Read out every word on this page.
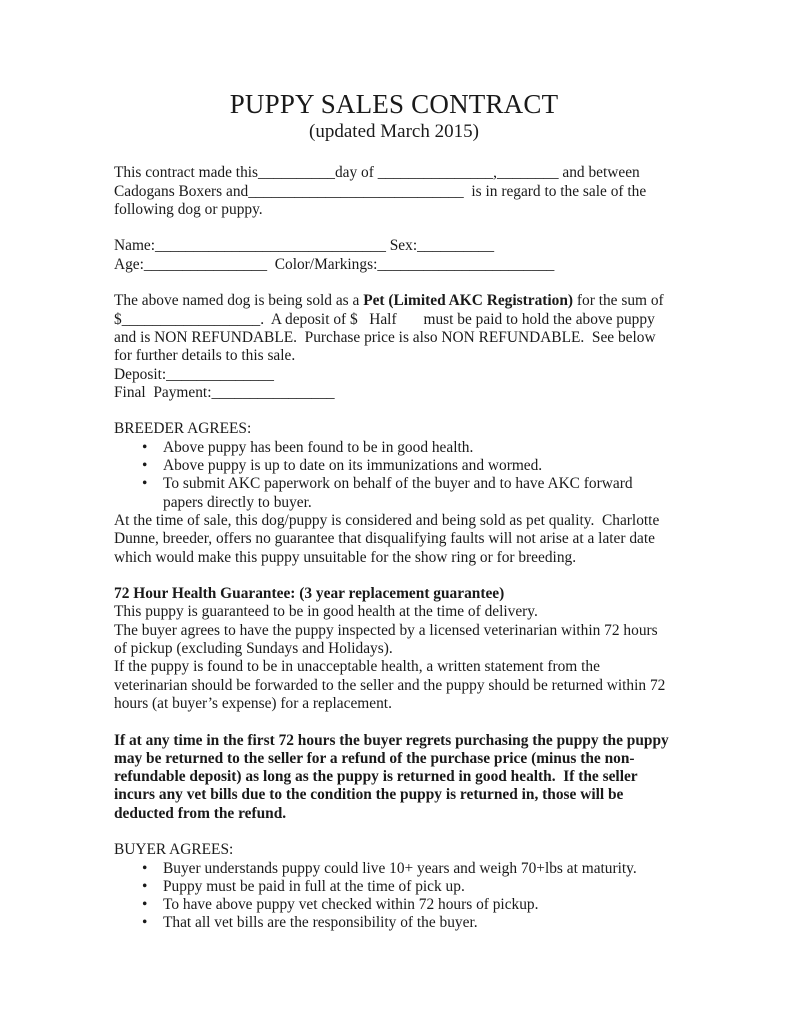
PUPPY SALES CONTRACT
(updated March 2015)
This contract made this__________day of _______________,________ and between
Cadogans Boxers and____________________________  is in regard to the sale of the
following dog or puppy.
Name:______________________________ Sex:__________
Age:________________  Color/Markings:_______________________
The above named dog is being sold as a Pet (Limited AKC Registration) for the sum of
$__________________.  A deposit of $   Half       must be paid to hold the above puppy
and is NON REFUNDABLE.  Purchase price is also NON REFUNDABLE.  See below
for further details to this sale.
Deposit:______________
Final  Payment:________________
BREEDER AGREES:
• Above puppy has been found to be in good health.
• Above puppy is up to date on its immunizations and wormed.
• To submit AKC paperwork on behalf of the buyer and to have AKC forward papers directly to buyer.
At the time of sale, this dog/puppy is considered and being sold as pet quality.  Charlotte Dunne, breeder, offers no guarantee that disqualifying faults will not arise at a later date which would make this puppy unsuitable for the show ring or for breeding.
72 Hour Health Guarantee: (3 year replacement guarantee)
This puppy is guaranteed to be in good health at the time of delivery.
The buyer agrees to have the puppy inspected by a licensed veterinarian within 72 hours of pickup (excluding Sundays and Holidays).
If the puppy is found to be in unacceptable health, a written statement from the veterinarian should be forwarded to the seller and the puppy should be returned within 72 hours (at buyer’s expense) for a replacement.
If at any time in the first 72 hours the buyer regrets purchasing the puppy the puppy may be returned to the seller for a refund of the purchase price (minus the non-refundable deposit) as long as the puppy is returned in good health.  If the seller incurs any vet bills due to the condition the puppy is returned in, those will be deducted from the refund.
BUYER AGREES:
• Buyer understands puppy could live 10+ years and weigh 70+lbs at maturity.
• Puppy must be paid in full at the time of pick up.
• To have above puppy vet checked within 72 hours of pickup.
• That all vet bills are the responsibility of the buyer.
